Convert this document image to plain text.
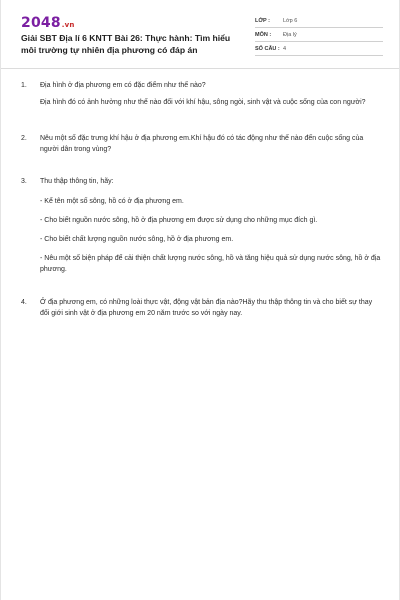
2048.vn
Giải SBT Địa lí 6 KNTT Bài 26: Thực hành: Tìm hiểu môi trường tự nhiên địa phương có đáp án
LỚP :	Lớp 6
MÔN :	Địa lý
SỐ CÂU : 4
1.	Địa hình ở địa phương em có đặc điểm như thế nào?
Địa hình đó có ảnh hưởng như thế nào đối với khí hậu, sông ngòi, sinh vật và cuộc sống của con người?
2.	Nêu một số đặc trưng khí hậu ở địa phương em.Khí hậu đó có tác động như thế nào đến cuộc sống của người dân trong vùng?
3.	Thu thập thông tin, hãy:
- Kể tên một số sông, hồ có ở địa phương em.
- Cho biết nguồn nước sông, hồ ở địa phương em được sử dụng cho những mục đích gì.
- Cho biết chất lượng nguồn nước sông, hồ ở địa phương em.
- Nêu một số biện pháp để cải thiện chất lượng nước sông, hồ và tăng hiệu quả sử dụng nước sông, hồ ở địa phương.
4.	Ở địa phương em, có những loài thực vật, động vật bản địa nào?Hãy thu thập thông tin và cho biết sự thay đổi giới sinh vật ở địa phương em 20 năm trước so với ngày nay.
